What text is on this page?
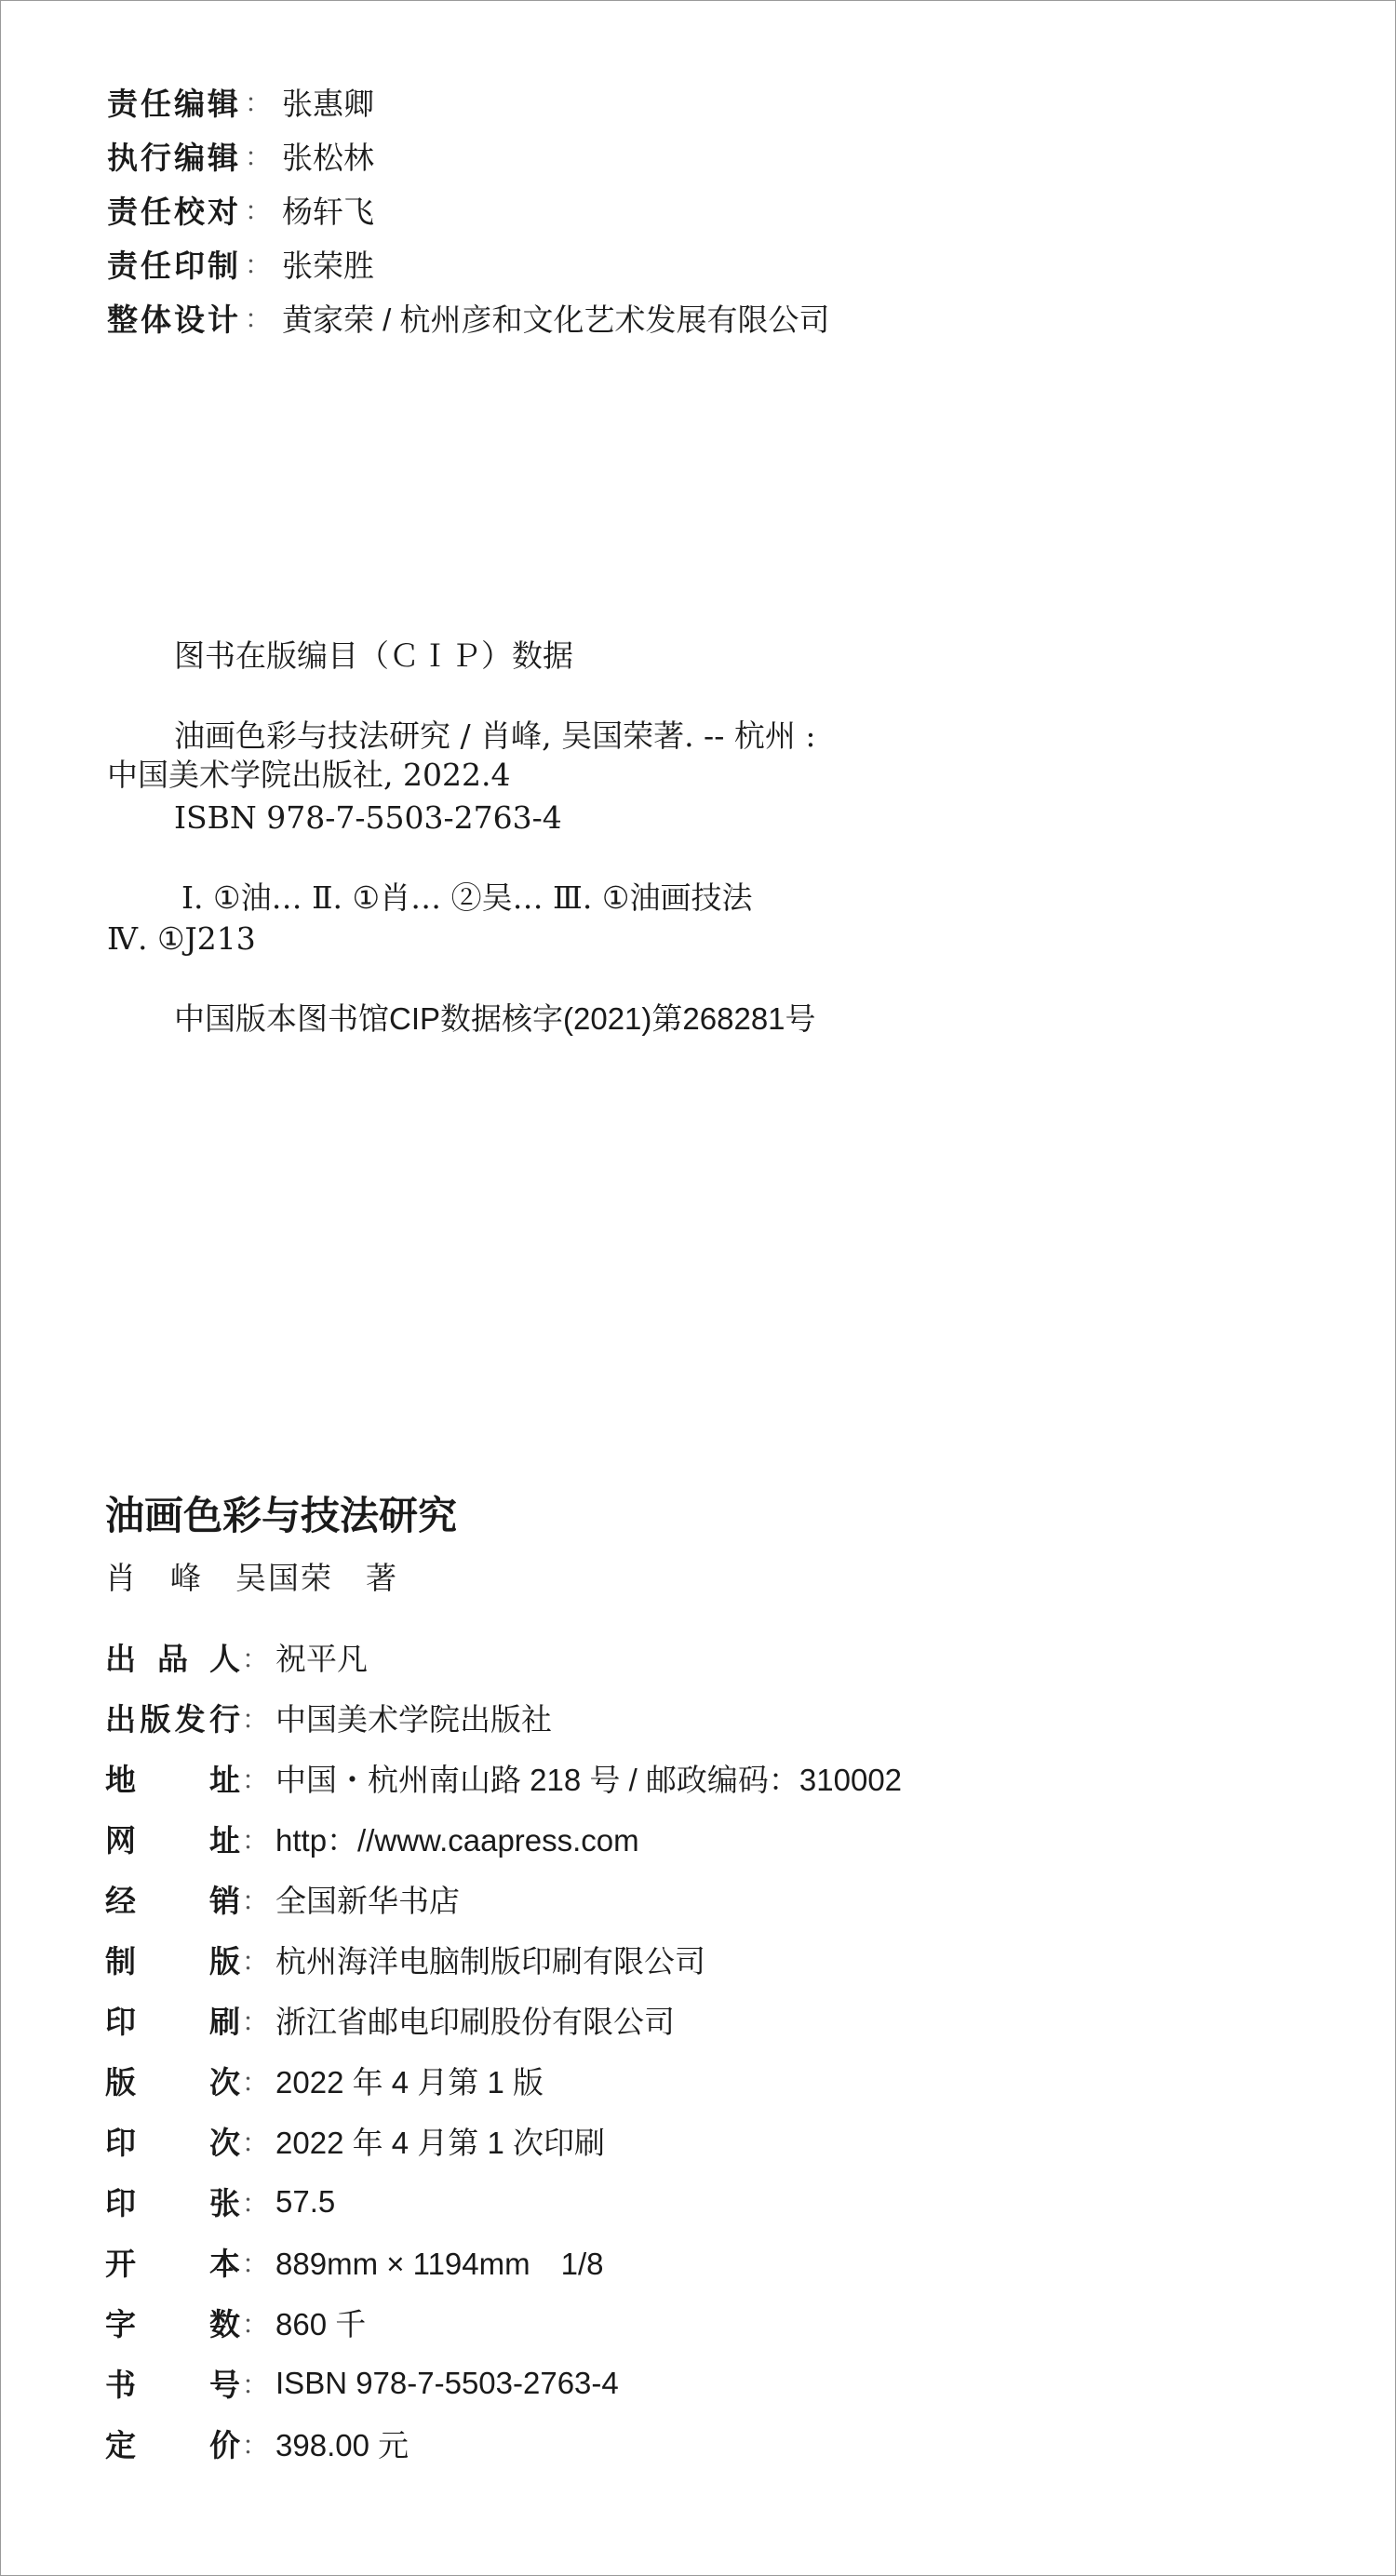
责任编辑 ： 张惠卿
执行编辑 ： 张松林
责任校对 ： 杨轩飞
责任印制 ： 张荣胜
整体设计 ： 黄家荣 / 杭州彦和文化艺术发展有限公司
图书在版编目（ＣＩＰ）数据
油画色彩与技法研究 / 肖峰, 吴国荣著. -- 杭州 :
中国美术学院出版社, 2022.4
ISBN 978-7-5503-2763-4
Ⅰ. ①油… Ⅱ. ①肖… ②吴… Ⅲ. ①油画技法
Ⅳ. ①J213
中国版本图书馆CIP数据核字(2021)第268281号
油画色彩与技法研究
肖　峰　吴国荣　著
出品人 ： 祝平凡
出版发行 ： 中国美术学院出版社
地址 ： 中国・杭州南山路 218 号 / 邮政编码：310002
网址 ： http：//www.caapress.com
经销 ： 全国新华书店
制版 ： 杭州海洋电脑制版印刷有限公司
印刷 ： 浙江省邮电印刷股份有限公司
版次 ： 2022 年 4 月第 1 版
印次 ： 2022 年 4 月第 1 次印刷
印张 ： 57.5
开本 ： 889mm × 1194mm　1/8
字数 ： 860 千
书号 ： ISBN 978-7-5503-2763-4
定价 ： 398.00 元
